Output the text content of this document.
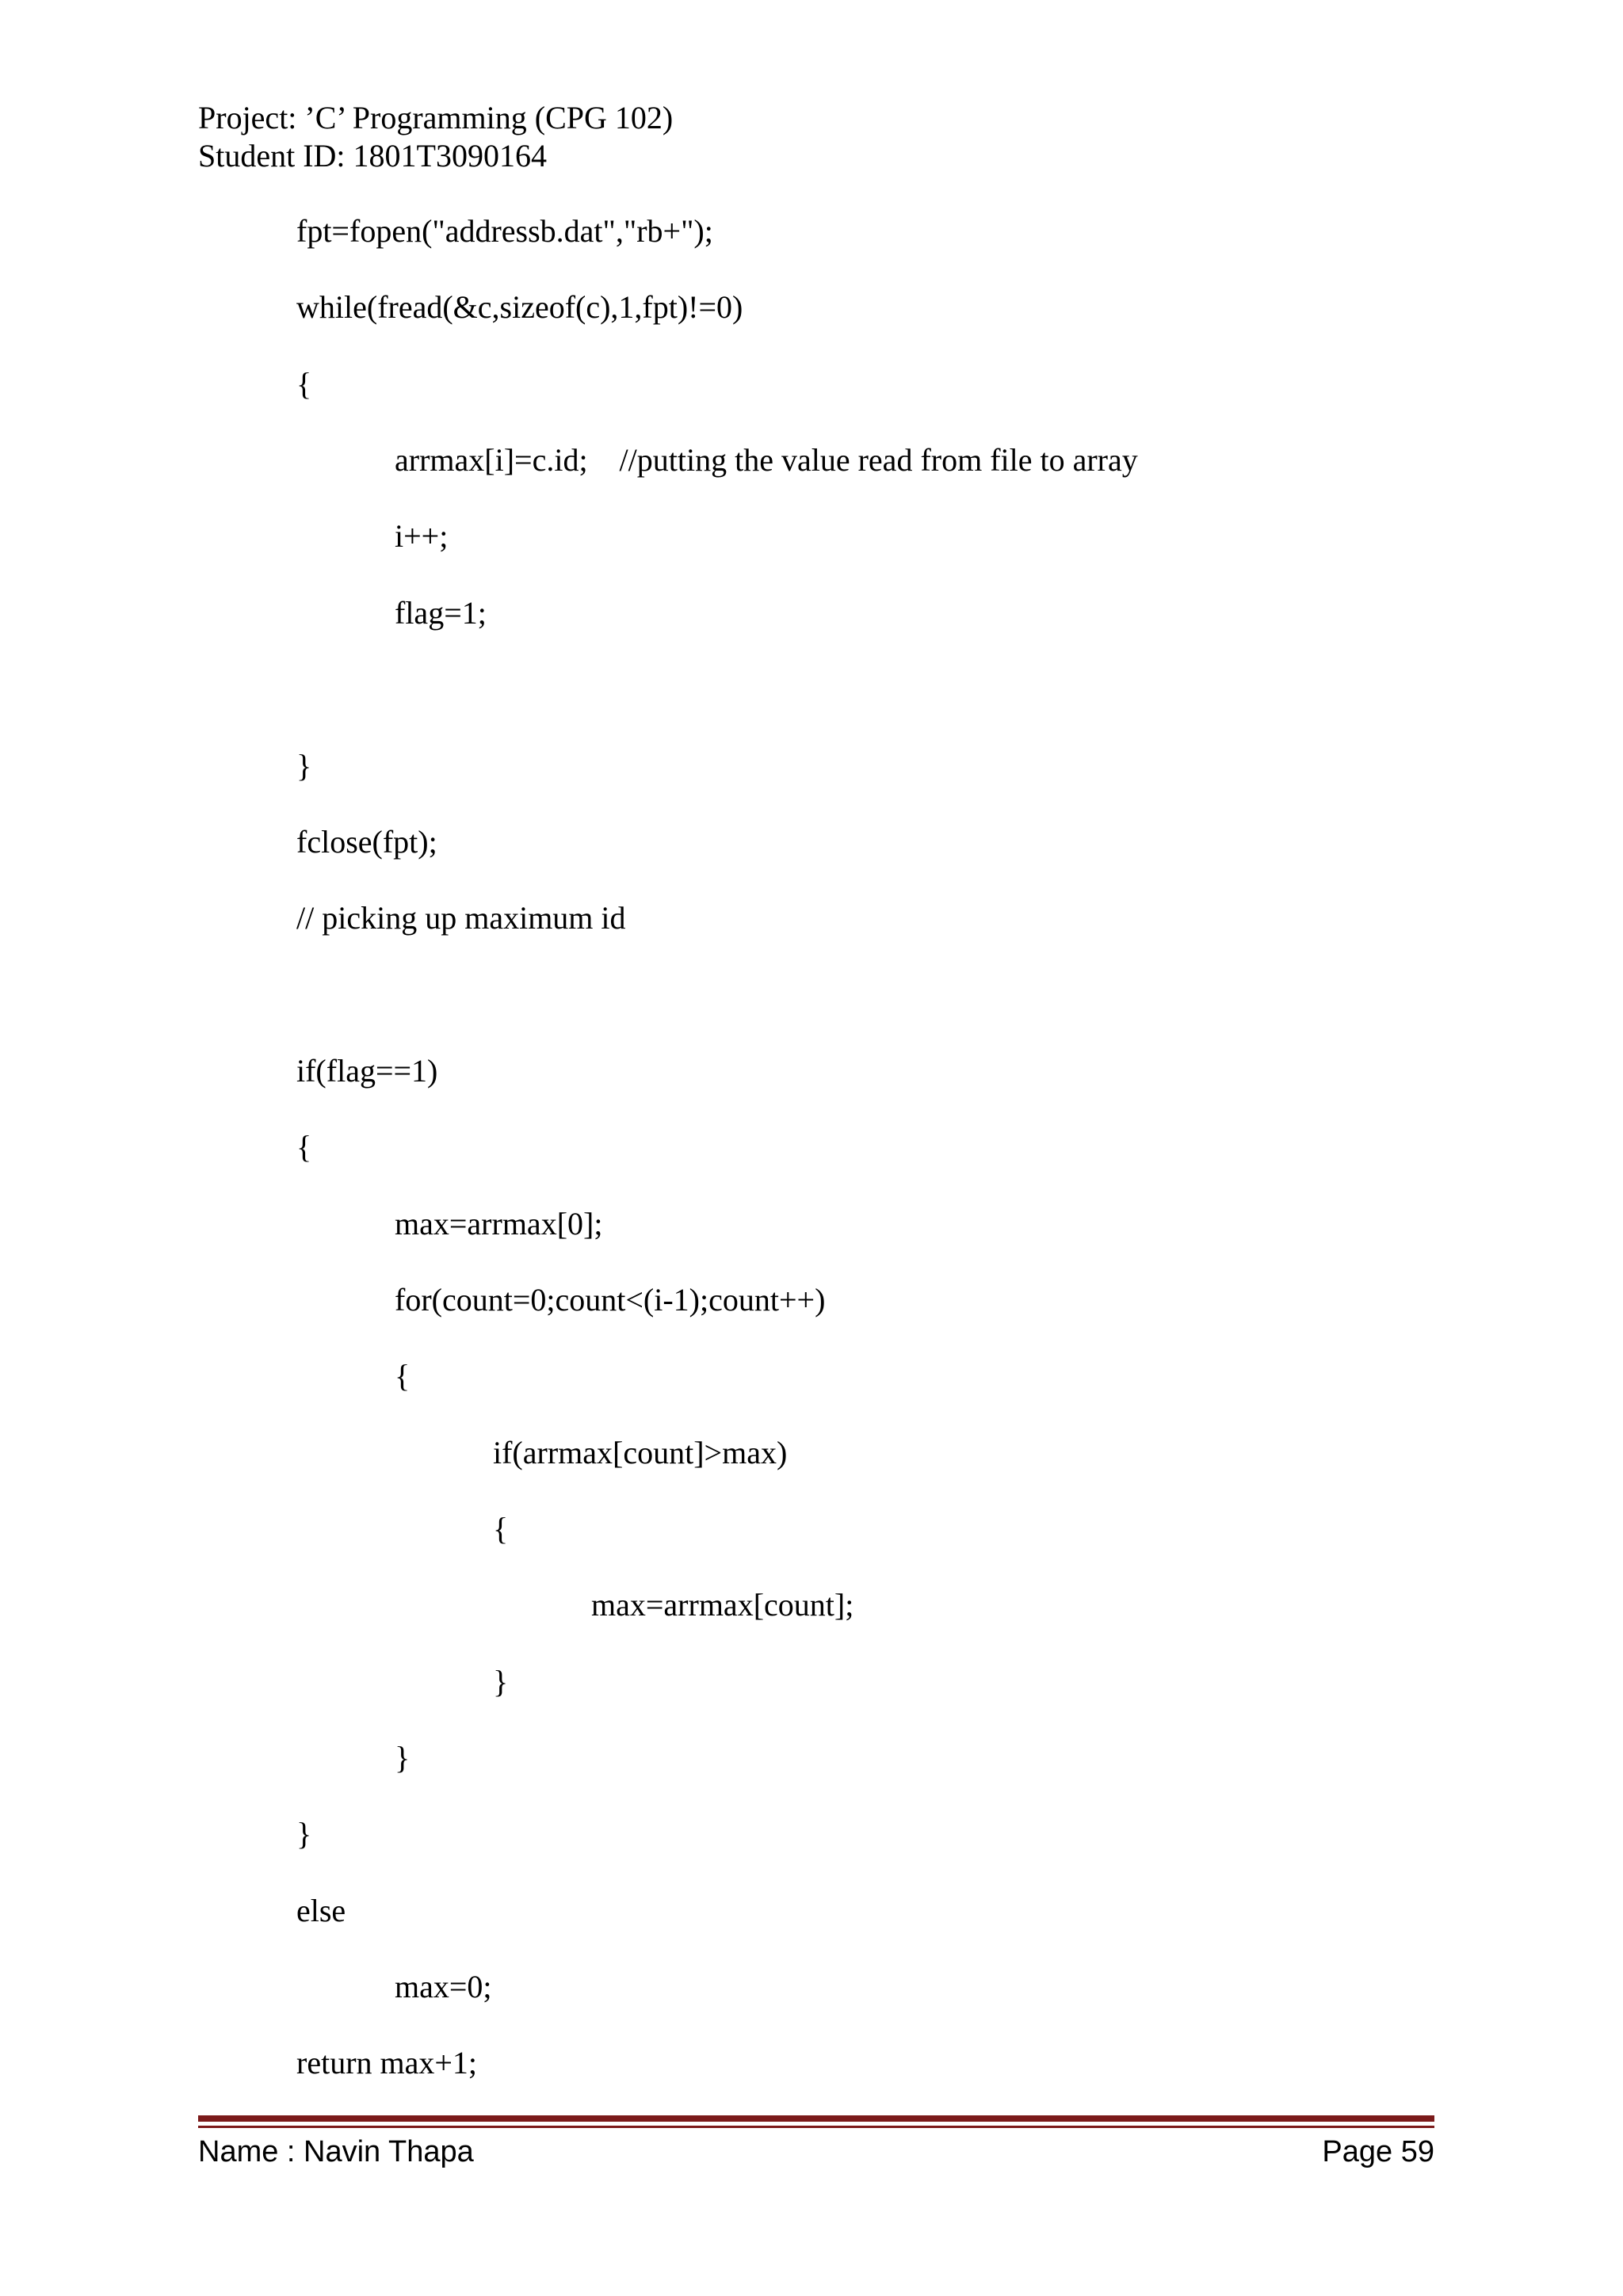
Project: ’C’ Programming (CPG 102)
Student ID: 1801T3090164
fpt=fopen("addressb.dat","rb+");
while(fread(&c,sizeof(c),1,fpt)!=0)
{
arrmax[i]=c.id;    //putting the value read from file to array
i++;
flag=1;
}
fclose(fpt);
// picking up maximum id
if(flag==1)
{
max=arrmax[0];
for(count=0;count<(i-1);count++)
{
if(arrmax[count]>max)
{
max=arrmax[count];
}
}
}
else
max=0;
return max+1;
Name : Navin Thapa	Page 59
